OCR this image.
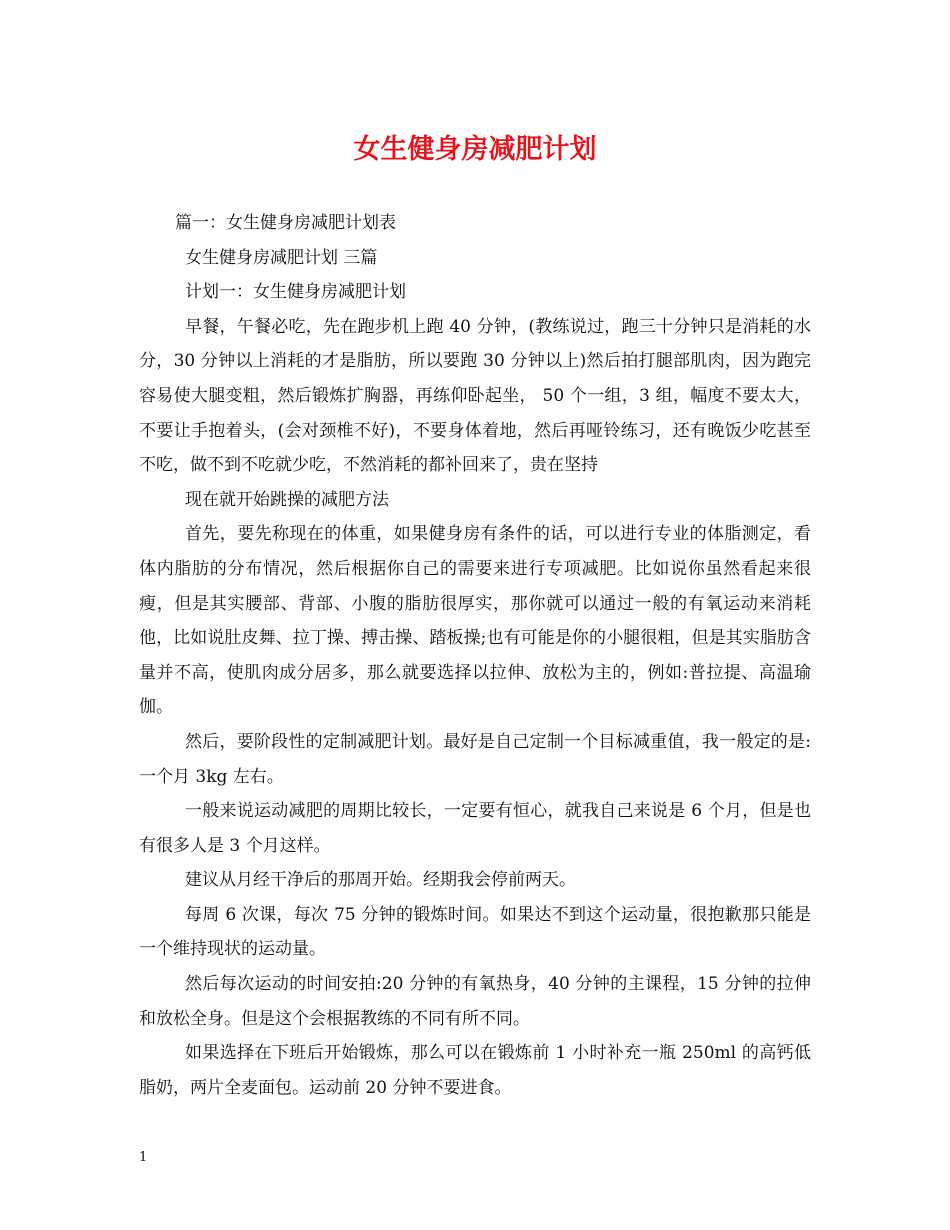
女生健身房减肥计划

篇一：女生健身房减肥计划表

女生健身房减肥计划 三篇

计划一：女生健身房减肥计划

早餐，午餐必吃，先在跑步机上跑 40 分钟，(教练说过，跑三十分钟只是消耗的水分，30 分钟以上消耗的才是脂肪，所以要跑 30 分钟以上)然后拍打腿部肌肉，因为跑完容易使大腿变粗，然后锻炼扩胸器，再练仰卧起坐， 50 个一组，3 组，幅度不要太大，不要让手抱着头，(会对颈椎不好)，不要身体着地，然后再哑铃练习，还有晚饭少吃甚至不吃，做不到不吃就少吃，不然消耗的都补回来了，贵在坚持

现在就开始跳操的减肥方法

首先，要先称现在的体重，如果健身房有条件的话，可以进行专业的体脂测定，看体内脂肪的分布情况，然后根据你自己的需要来进行专项减肥。比如说你虽然看起来很瘦，但是其实腰部、背部、小腹的脂肪很厚实，那你就可以通过一般的有氧运动来消耗他，比如说肚皮舞、拉丁操、搏击操、踏板操;也有可能是你的小腿很粗，但是其实脂肪含量并不高，使肌肉成分居多，那么就要选择以拉伸、放松为主的，例如:普拉提、高温瑜伽。

然后，要阶段性的定制减肥计划。最好是自己定制一个目标减重值，我一般定的是:一个月 3kg 左右。

一般来说运动减肥的周期比较长，一定要有恒心，就我自己来说是 6 个月，但是也有很多人是 3 个月这样。

建议从月经干净后的那周开始。经期我会停前两天。

每周 6 次课，每次 75 分钟的锻炼时间。如果达不到这个运动量，很抱歉那只能是一个维持现状的运动量。

然后每次运动的时间安拍:20 分钟的有氧热身，40 分钟的主课程，15 分钟的拉伸和放松全身。但是这个会根据教练的不同有所不同。

如果选择在下班后开始锻炼，那么可以在锻炼前 1 小时补充一瓶 250ml 的高钙低脂奶，两片全麦面包。运动前 20 分钟不要进食。

1
